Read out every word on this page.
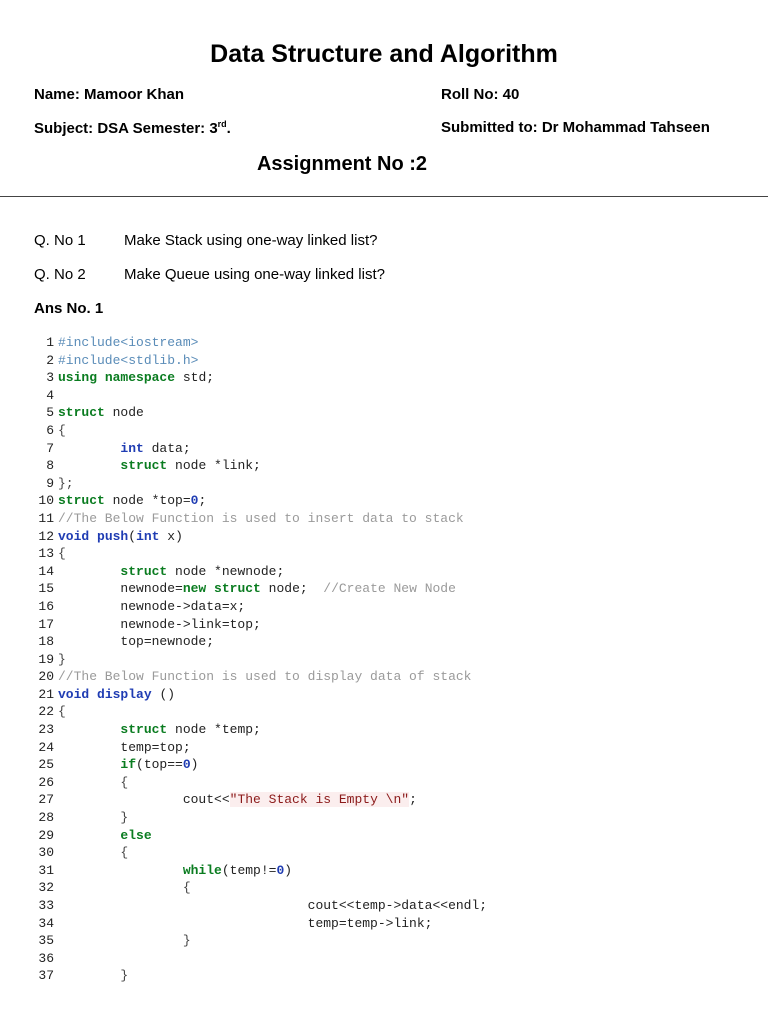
Data Structure and Algorithm
Name: Mamoor Khan	Roll No: 40
Subject: DSA Semester: 3rd.	Submitted to: Dr Mohammad Tahseen
Assignment No :2
Q. No 1	Make Stack using one-way linked list?
Q. No 2	Make Queue using one-way linked list?
Ans No. 1
1 #include<iostream>
2 #include<stdlib.h>
3 using namespace std;
4
5 struct node
6 {
7	int data;
8	struct node *link;
9 };
10 struct node *top=0;
11 //The Below Function is used to insert data to stack
12 void push(int x)
13 {
14	struct node *newnode;
15        newnode=new struct node;  //Create New Node
16        newnode->data=x;
17        newnode->link=top;
18        top=newnode;
19 }
20 //The Below Function is used to display data of stack
21 void display ()
22 {
23	struct node *temp;
24        temp=top;
25	if(top==0)
26	{
27                cout<<"The Stack is Empty \n";
28	}
29	else
30	{
31	while(temp!=0)
32	{
33                                cout<<temp->data<<endl;
34                                temp=temp->link;
35	}
36
37	}
